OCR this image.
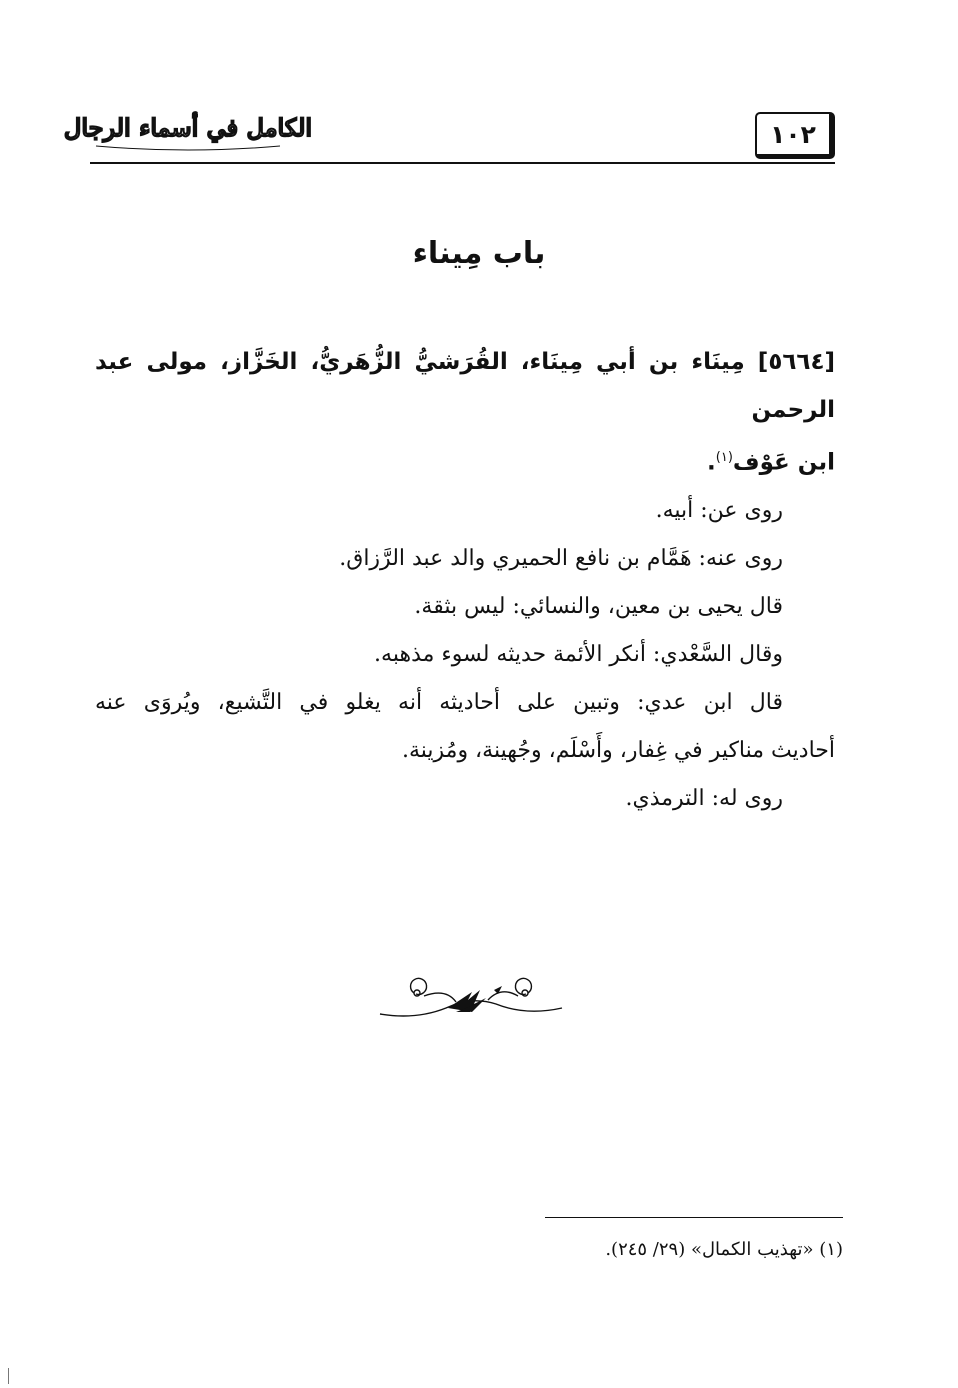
الكامل في أسماء الرجال	١٠٢
باب مِيناء

[٥٦٦٤] مِينَاء بن أبي مِينَاء، القُرَشيُّ الزُّهَريُّ، الخَزَّاز، مولى عبد الرحمن

ابن عَوْف$^{(١)}$.

روى عن: أبيه.

روى عنه: هَمَّام بن نافع الحميري والد عبد الرَّزاق.

قال يحيى بن معين، والنسائي: ليس بثقة.

وقال السَّعْدي: أنكر الأئمة حديثه لسوء مذهبه.

قال ابن عدي: وتبين على أحاديثه أنه يغلو في التَّشيع، ويُروَى عنه

أحاديث مناكير في غِفار، وأَسْلَم، وجُهينة، ومُزينة.

روى له: الترمذي.

(١) «تهذيب الكمال» (٢٩/ ٢٤٥).
